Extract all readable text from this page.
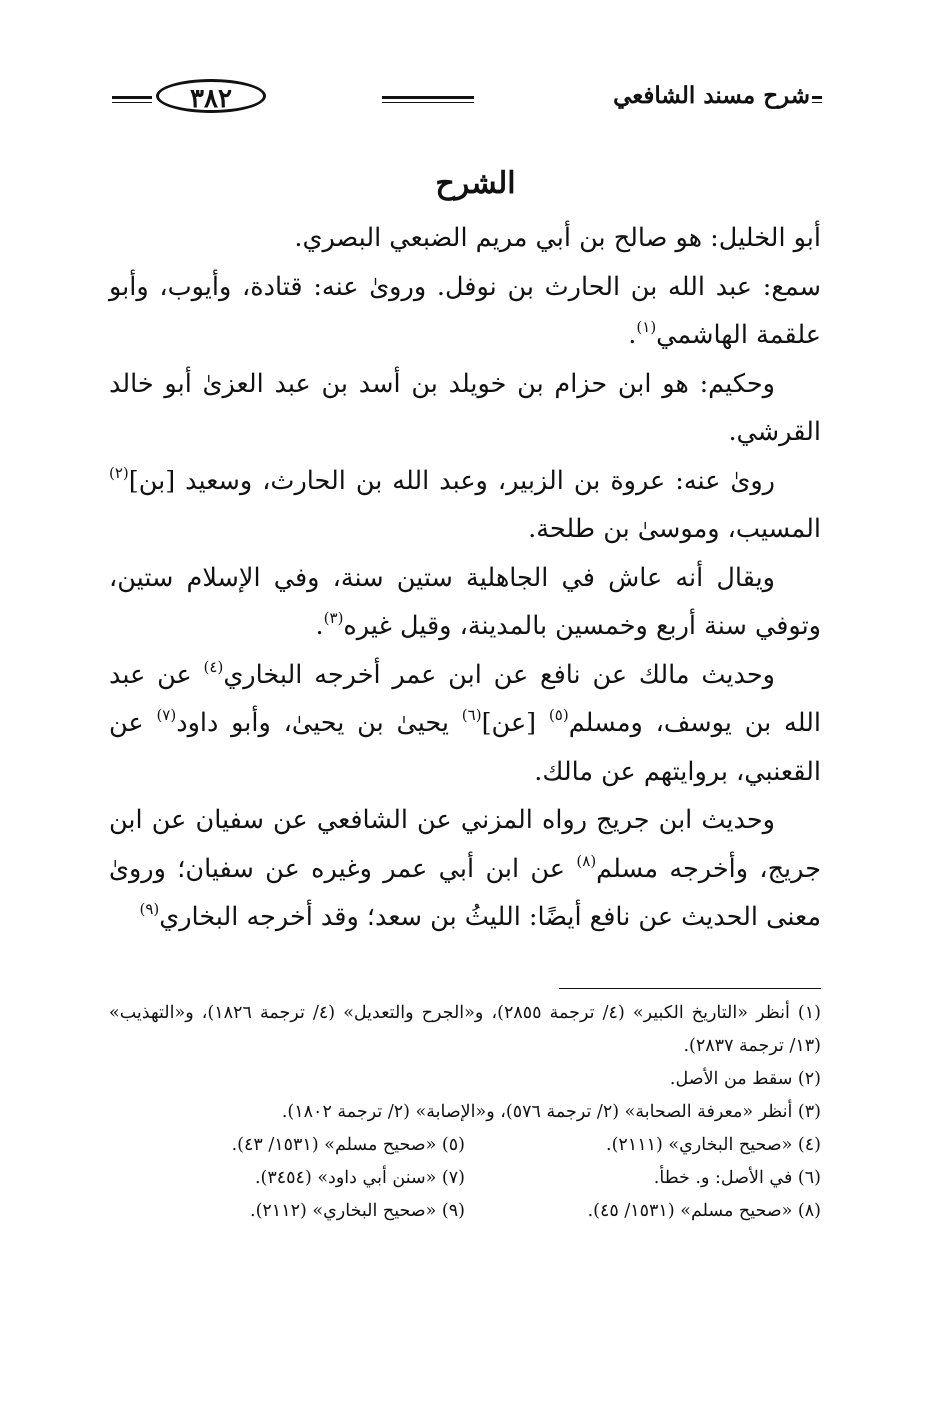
شرح مسند الشافعي
٣٨٢
الشرح

أبو الخليل: هو صالح بن أبي مريم الضبعي البصري.

سمع: عبد الله بن الحارث بن نوفل. وروىٰ عنه: قتادة، وأيوب، وأبو علقمة الهاشمي$^{(١)}$.

وحكيم: هو ابن حزام بن خويلد بن أسد بن عبد العزىٰ أبو خالد القرشي.

روىٰ عنه: عروة بن الزبير، وعبد الله بن الحارث، وسعيد [بن]$^{(٢)}$ المسيب، وموسىٰ بن طلحة.

ويقال أنه عاش في الجاهلية ستين سنة، وفي الإسلام ستين، وتوفي سنة أربع وخمسين بالمدينة، وقيل غيره$^{(٣)}$.

وحديث مالك عن نافع عن ابن عمر أخرجه البخاري$^{(٤)}$ عن عبد الله بن يوسف، ومسلم$^{(٥)}$ [عن]$^{(٦)}$ يحيىٰ بن يحيىٰ، وأبو داود$^{(٧)}$ عن القعنبي، بروايتهم عن مالك.

وحديث ابن جريج رواه المزني عن الشافعي عن سفيان عن ابن جريج، وأخرجه مسلم$^{(٨)}$ عن ابن أبي عمر وغيره عن سفيان؛ وروىٰ معنى الحديث عن نافع أيضًا: الليثُ بن سعد؛ وقد أخرجه البخاري$^{(٩)}$

(١) أنظر «التاريخ الكبير» (٤/ ترجمة ٢٨٥٥)، و«الجرح والتعديل» (٤/ ترجمة ١٨٢٦)، و«التهذيب» (١٣/ ترجمة ٢٨٣٧).

(٢) سقط من الأصل.

(٣) أنظر «معرفة الصحابة» (٢/ ترجمة ٥٧٦)، و«الإصابة» (٢/ ترجمة ١٨٠٢).

(٤) «صحيح البخاري» (٢١١١).
(٥) «صحيح مسلم» (١٥٣١/ ٤٣).
(٦) في الأصل: و. خطأ.
(٧) «سنن أبي داود» (٣٤٥٤).
(٨) «صحيح مسلم» (١٥٣١/ ٤٥).
(٩) «صحيح البخاري» (٢١١٢).
